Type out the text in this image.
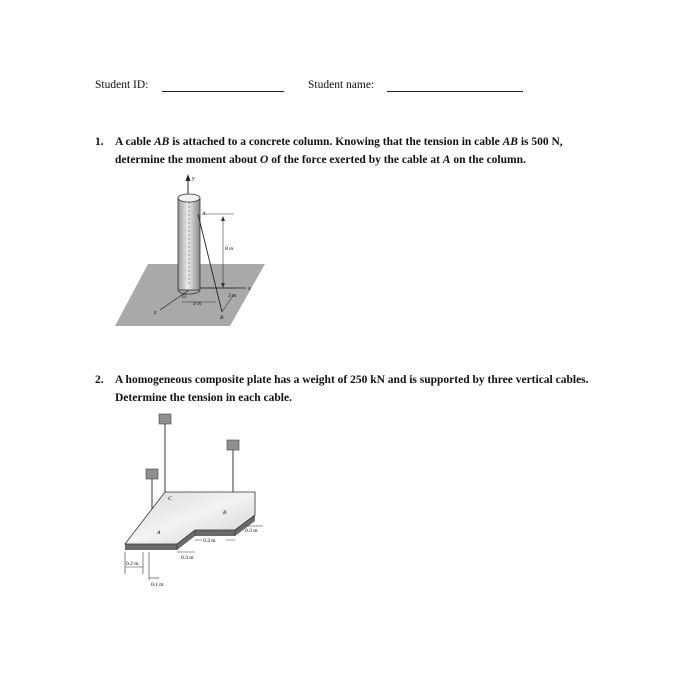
Student ID:	Student name:
1. A cable AB is attached to a concrete column. Knowing that the tension in cable AB is 500 N, determine the moment about O of the force exerted by the cable at A on the column.
y
A
8 m
x
z
O
4 m
3 m
B
2. A homogeneous composite plate has a weight of 250 kN and is supported by three vertical cables. Determine the tension in each cable.
C
B
A
0.3 m
0.3 m
0.3 m
0.2 m
0.1 m
